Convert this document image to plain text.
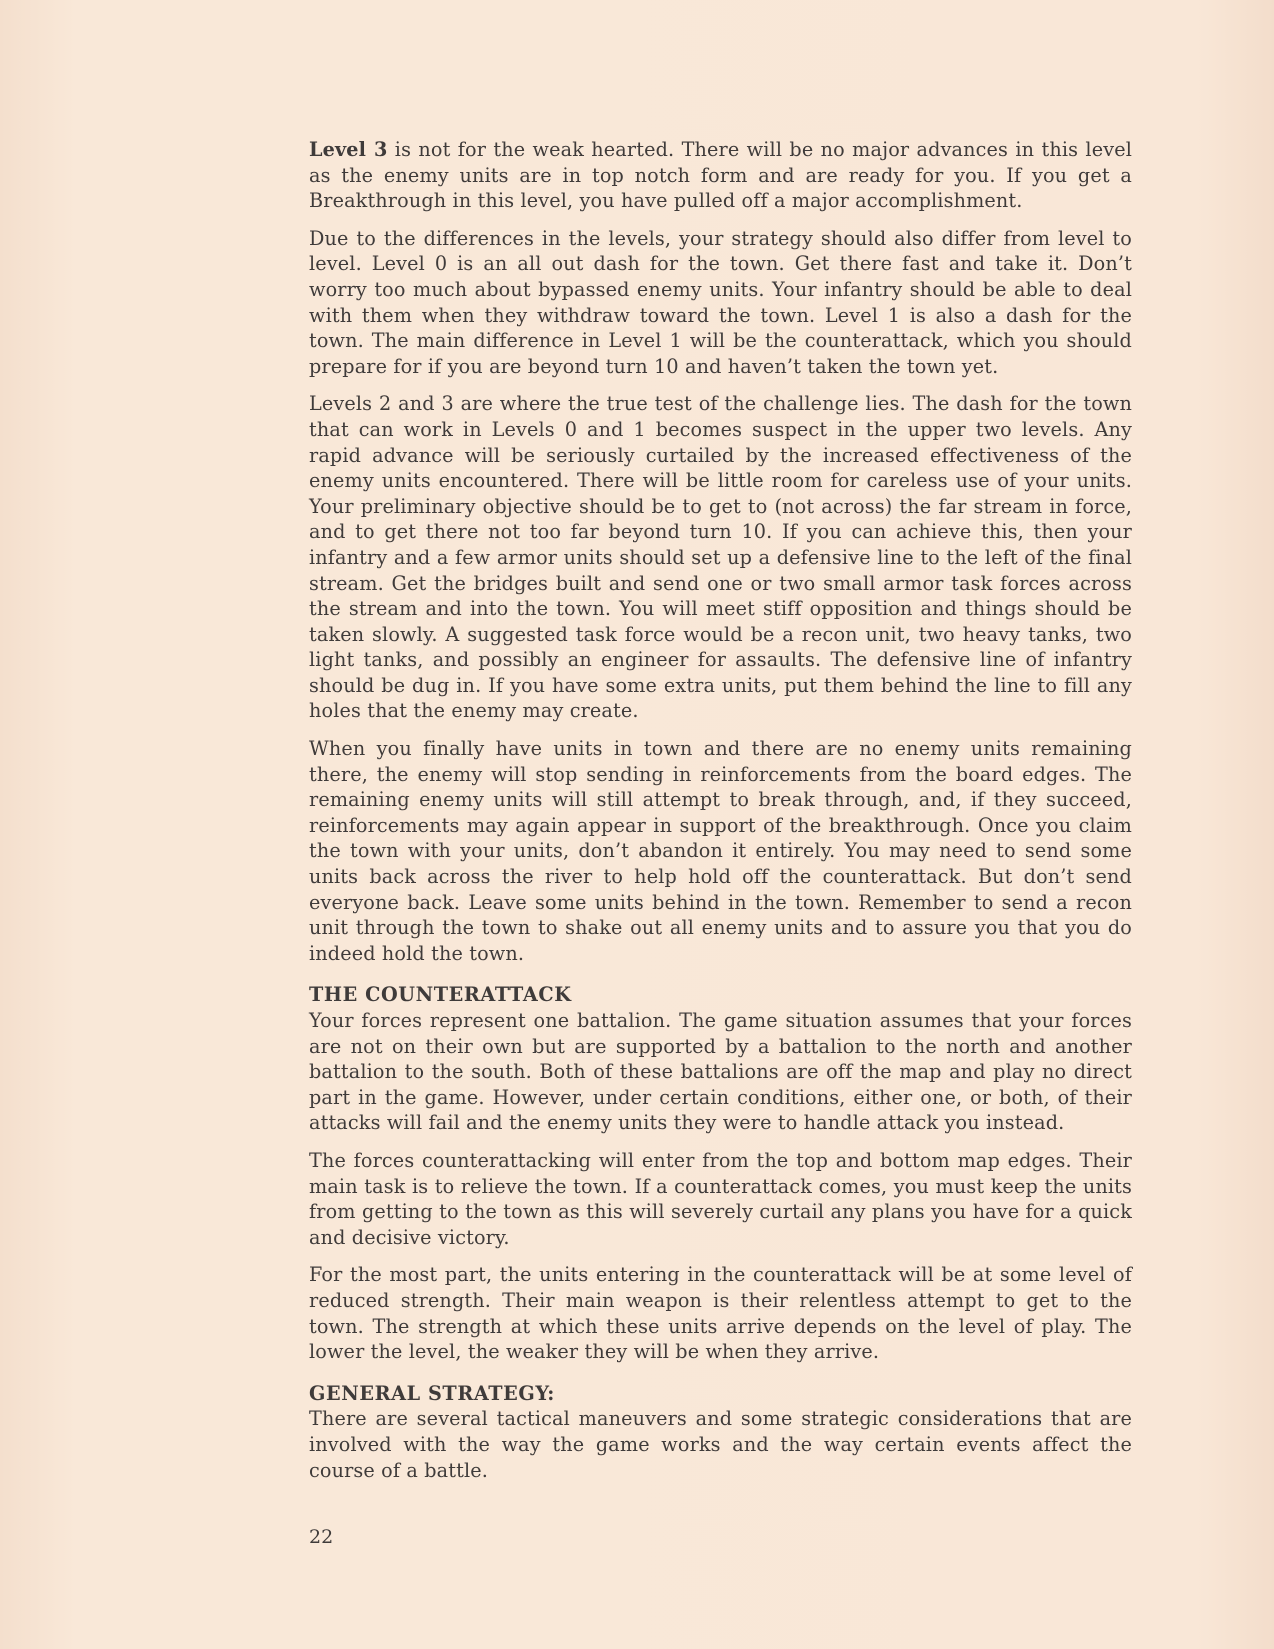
Level 3 is not for the weak hearted. There will be no major advances in this level as the enemy units are in top notch form and are ready for you. If you get a Breakthrough in this level, you have pulled off a major accomplishment.

Due to the differences in the levels, your strategy should also differ from level to level. Level 0 is an all out dash for the town. Get there fast and take it. Don’t worry too much about bypassed enemy units. Your infantry should be able to deal with them when they withdraw toward the town. Level 1 is also a dash for the town. The main difference in Level 1 will be the counterattack, which you should prepare for if you are beyond turn 10 and haven’t taken the town yet.

Levels 2 and 3 are where the true test of the challenge lies. The dash for the town that can work in Levels 0 and 1 becomes suspect in the upper two levels. Any rapid advance will be seriously curtailed by the increased effectiveness of the enemy units encountered. There will be little room for careless use of your units. Your preliminary objective should be to get to (not across) the far stream in force, and to get there not too far beyond turn 10. If you can achieve this, then your infantry and a few armor units should set up a defensive line to the left of the final stream. Get the bridges built and send one or two small armor task forces across the stream and into the town. You will meet stiff opposition and things should be taken slowly. A suggested task force would be a recon unit, two heavy tanks, two light tanks, and possibly an engineer for assaults. The defensive line of infantry should be dug in. If you have some extra units, put them behind the line to fill any holes that the enemy may create.

When you finally have units in town and there are no enemy units remaining there, the enemy will stop sending in reinforcements from the board edges. The remaining enemy units will still attempt to break through, and, if they succeed, reinforcements may again appear in support of the breakthrough. Once you claim the town with your units, don’t abandon it entirely. You may need to send some units back across the river to help hold off the counterattack. But don’t send everyone back. Leave some units behind in the town. Remember to send a recon unit through the town to shake out all enemy units and to assure you that you do indeed hold the town.

THE COUNTERATTACK

Your forces represent one battalion. The game situation assumes that your forces are not on their own but are supported by a battalion to the north and another battalion to the south. Both of these battalions are off the map and play no direct part in the game. However, under certain conditions, either one, or both, of their attacks will fail and the enemy units they were to handle attack you instead.

The forces counterattacking will enter from the top and bottom map edges. Their main task is to relieve the town. If a counterattack comes, you must keep the units from getting to the town as this will severely curtail any plans you have for a quick and decisive victory.

For the most part, the units entering in the counterattack will be at some level of reduced strength. Their main weapon is their relentless attempt to get to the town. The strength at which these units arrive depends on the level of play. The lower the level, the weaker they will be when they arrive.

GENERAL STRATEGY:

There are several tactical maneuvers and some strategic considerations that are involved with the way the game works and the way certain events affect the course of a battle.

22
